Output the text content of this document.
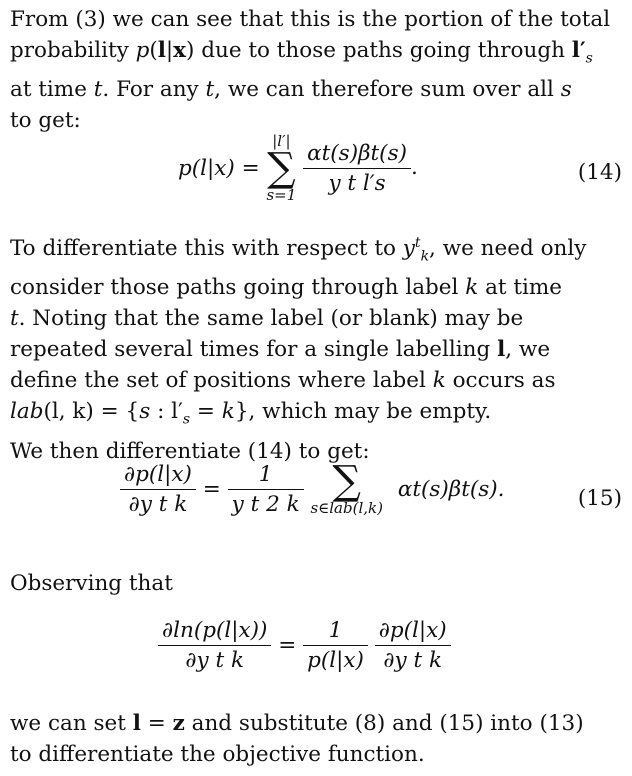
From (3) we can see that this is the portion of the total
probability p(l|x) due to those paths going through $l'_s$
at time t. For any t, we can therefore sum over all s
to get:
p(l|x) =
|l′|
∑
s=1
$\frac{\alpha t(s)\beta t(s)}{\text{y t l′s}}$ .	(14)
To differentiate this with respect to $y^t_k$, we need only
consider those paths going through label k at time
t. Noting that the same label (or blank) may be
repeated several times for a single labelling l, we
define the set of positions where label k occurs as
lab(l, k) = {s : $l'_s = k$}, which may be empty.
We then differentiate (14) to get:
$\frac{\partial p(l|x)}{\text{∂y t k}} = \frac{1}{\text{y t 2 k}}$
∑
s∈lab(l,k)
αt(s)βt(s).	(15)
Observing that
$\frac{\partial\ln(p(l|x))}{\text{∂y t k}} = \frac{1}{p(l|x)}$
$\frac{\partial p(l|x)}{\text{∂y t k}}$
we can set l = z and substitute (8) and (15) into (13)
to differentiate the objective function.
